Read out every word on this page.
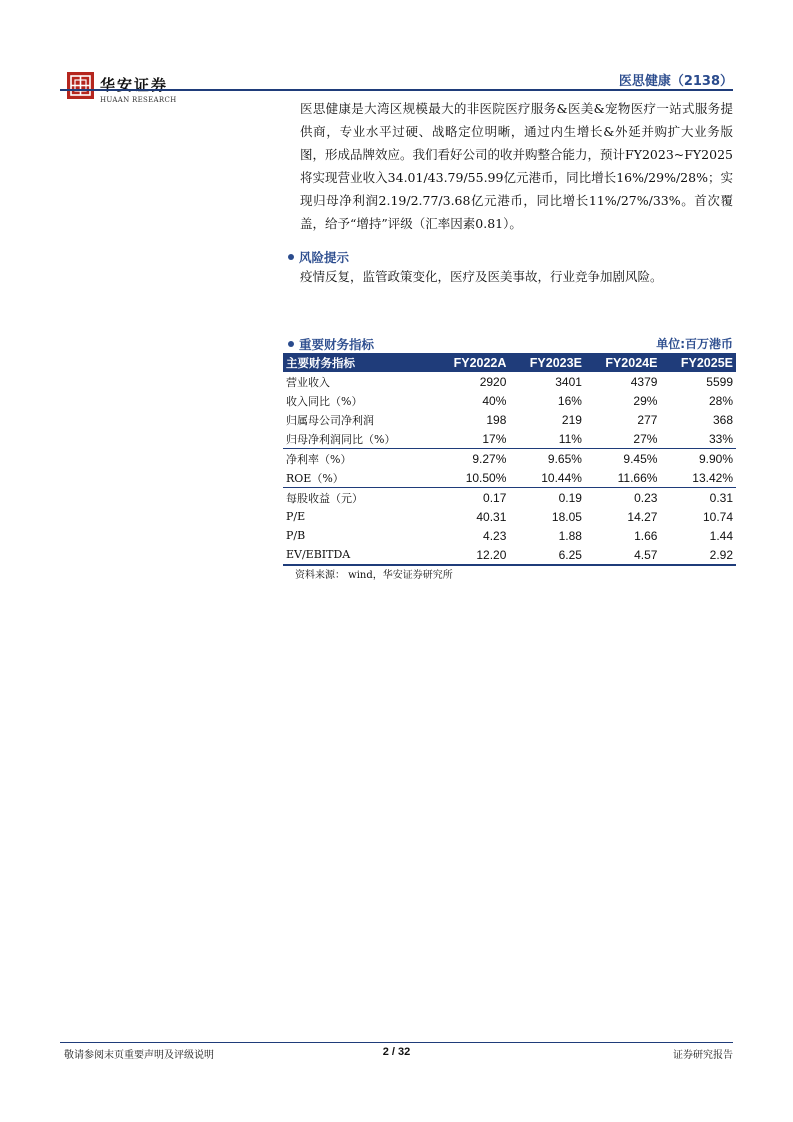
华安证券
HUAAN RESEARCH
医思健康（2138）
医思健康是大湾区规模最大的非医院医疗服务&医美&宠物医疗一站式服务提供商，专业水平过硬、战略定位明晰，通过内生增长&外延并购扩大业务版图，形成品牌效应。我们看好公司的收并购整合能力，预计FY2023~FY2025将实现营业收入34.01/43.79/55.99亿元港币，同比增长16%/29%/28%；实现归母净利润2.19/2.77/3.68亿元港币，同比增长11%/27%/33%。首次覆盖，给予“增持”评级（汇率因素0.81）。
风险提示
疫情反复，监管政策变化，医疗及医美事故，行业竞争加剧风险。
重要财务指标	单位:百万港币
主要财务指标	FY2022A	FY2023E	FY2024E	FY2025E
营业收入	2920	3401	4379	5599
收入同比（%）	40%	16%	29%	28%
归属母公司净利润	198	219	277	368
归母净利润同比（%）	17%	11%	27%	33%
净利率（%）	9.27%	9.65%	9.45%	9.90%
ROE（%）	10.50%	10.44%	11.66%	13.42%
每股收益（元）	0.17	0.19	0.23	0.31
P/E	40.31	18.05	14.27	10.74
P/B	4.23	1.88	1.66	1.44
EV/EBITDA	12.20	6.25	4.57	2.92
资料来源： wind，华安证券研究所
敬请参阅末页重要声明及评级说明	2 / 32	证券研究报告
